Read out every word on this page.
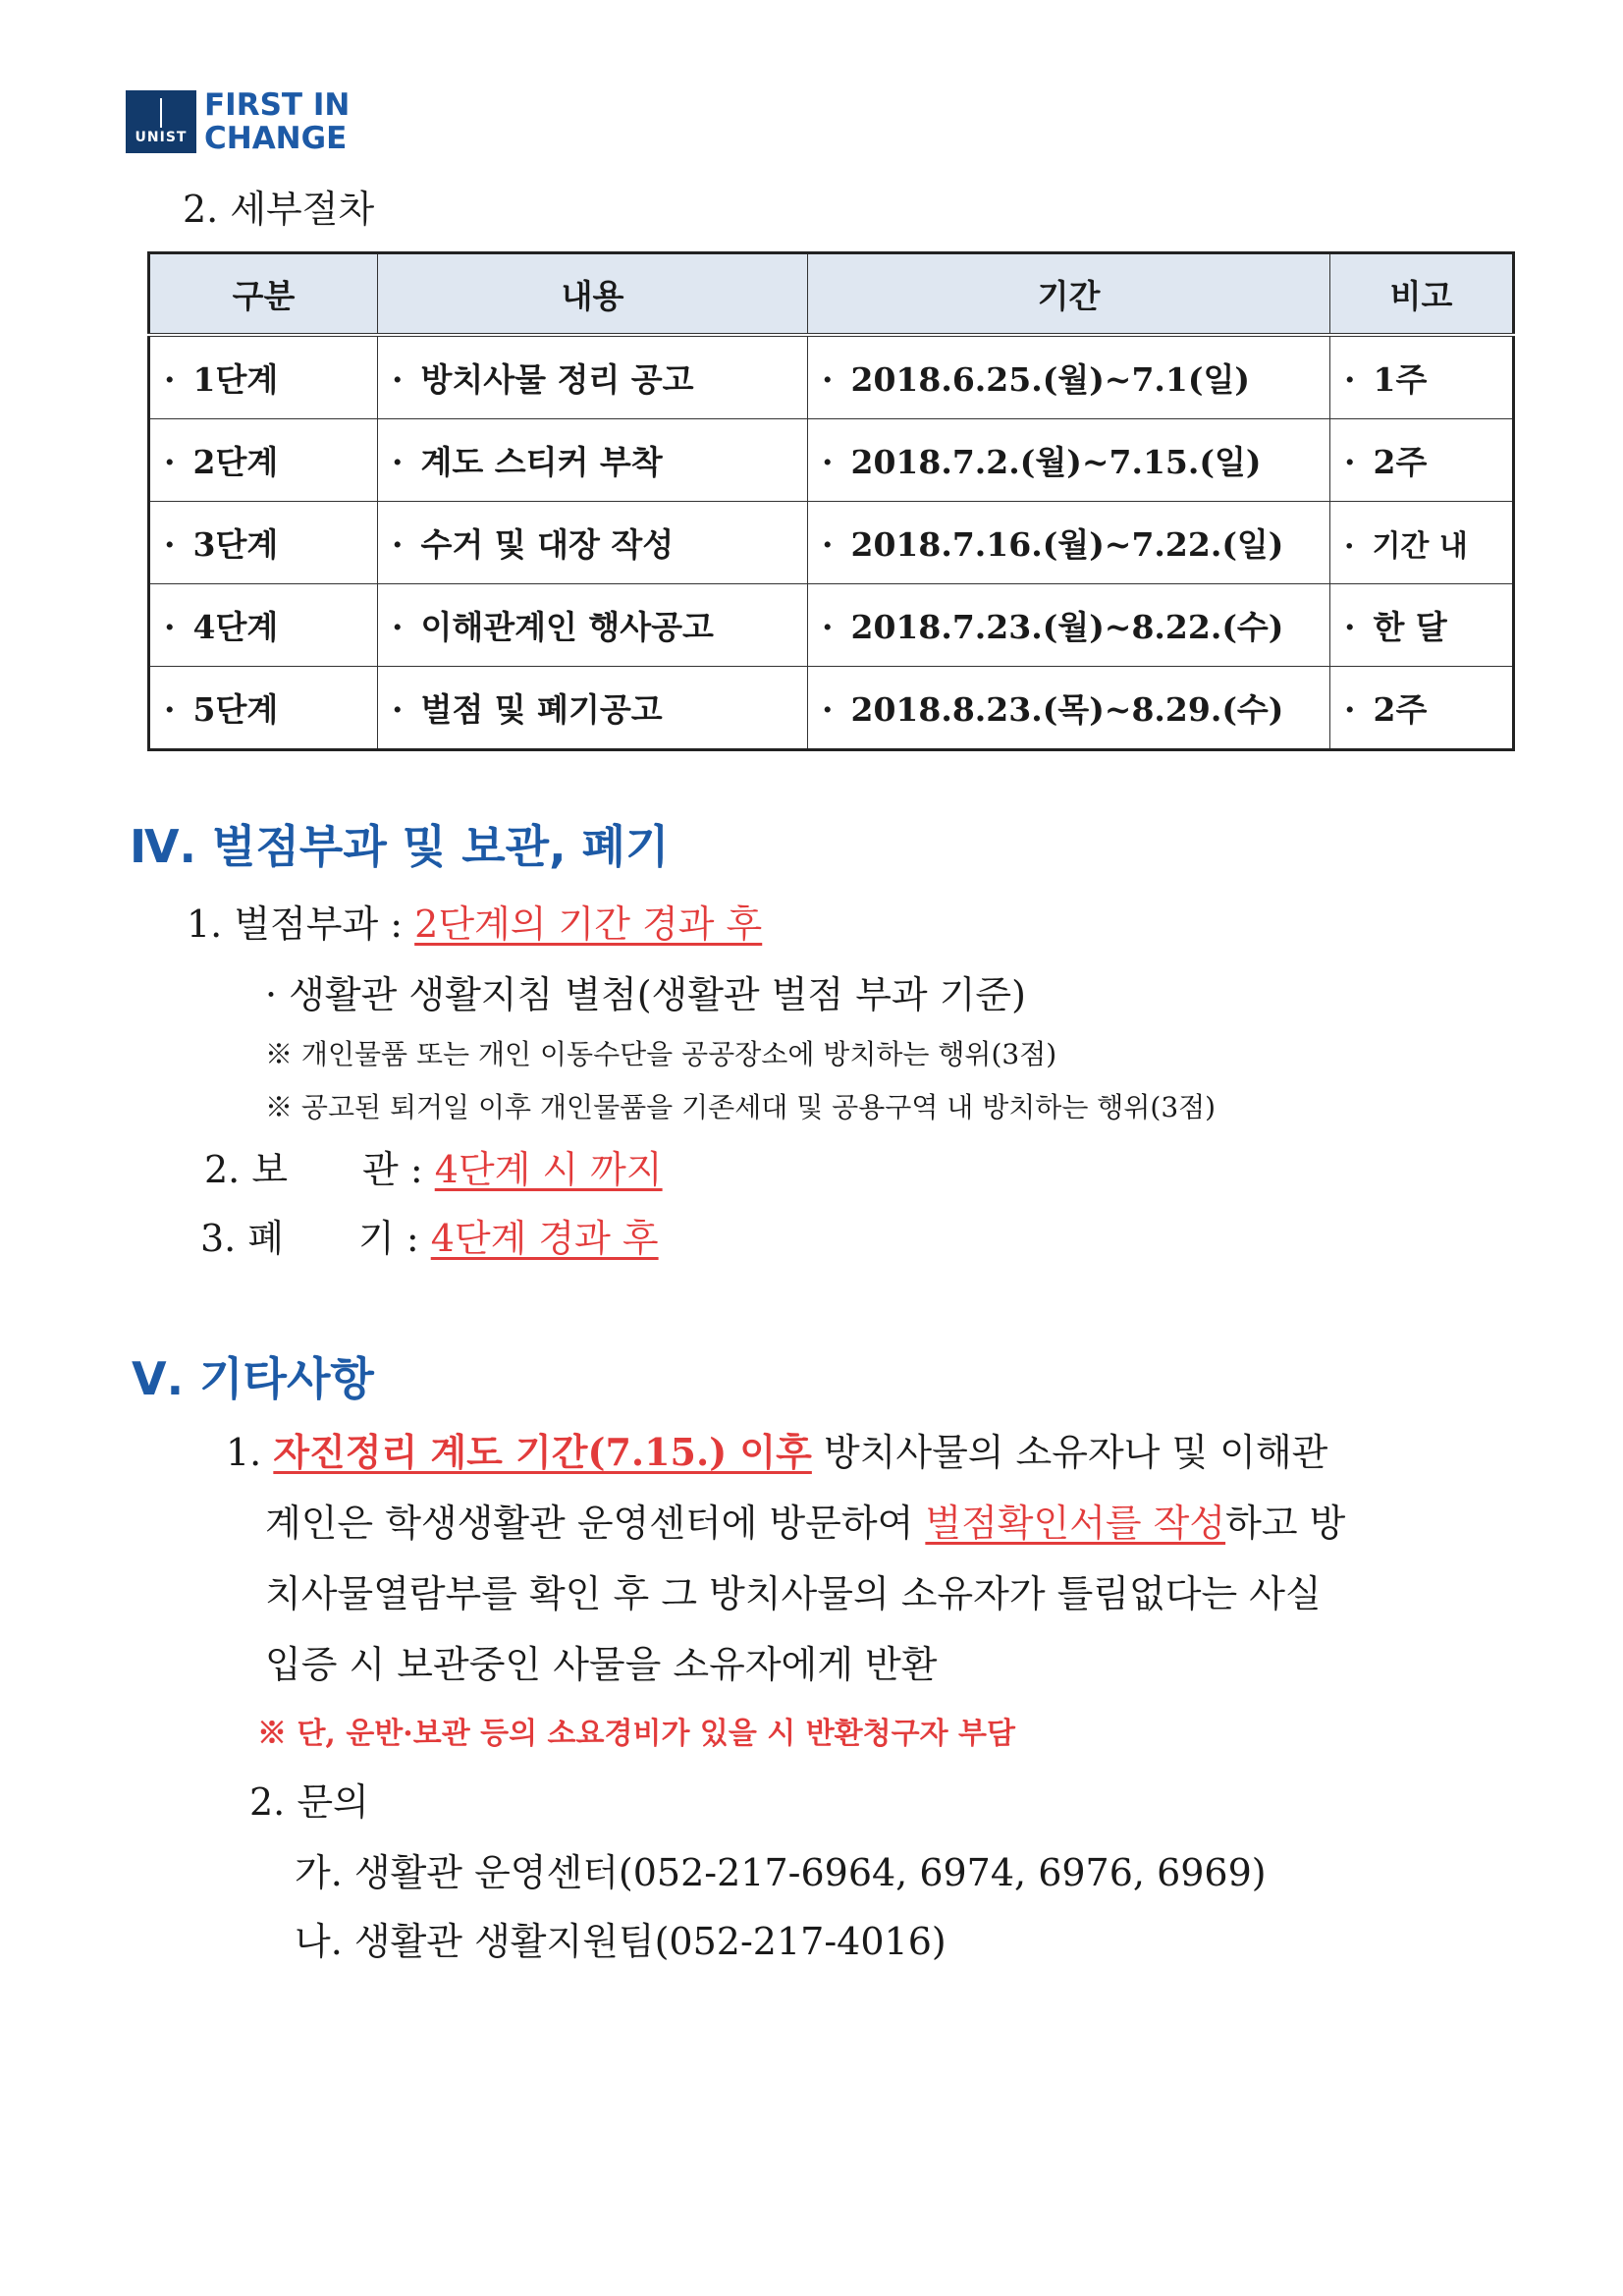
UNIST
FIRST IN
CHANGE
2. 세부절차
구분	내용	기간	비고
· 1단계	· 방치사물 정리 공고	· 2018.6.25.(월)~7.1(일)	· 1주
· 2단계	· 계도 스티커 부착	· 2018.7.2.(월)~7.15.(일)	· 2주
· 3단계	· 수거 및 대장 작성	· 2018.7.16.(월)~7.22.(일)	· 기간 내
· 4단계	· 이해관계인 행사공고	· 2018.7.23.(월)~8.22.(수)	· 한 달
· 5단계	· 벌점 및 폐기공고	· 2018.8.23.(목)~8.29.(수)	· 2주
Ⅳ. 벌점부과 및 보관, 폐기
1. 벌점부과 : 2단계의 기간 경과 후
· 생활관 생활지침 별첨(생활관 벌점 부과 기준)
※ 개인물품 또는 개인 이동수단을 공공장소에 방치하는 행위(3점)
※ 공고된 퇴거일 이후 개인물품을 기존세대 및 공용구역 내 방치하는 행위(3점)
2. 보　　관 : 4단계 시 까지
3. 폐　　기 : 4단계 경과 후
Ⅴ. 기타사항
1. 자진정리 계도 기간(7.15.) 이후 방치사물의 소유자나 및 이해관
계인은 학생생활관 운영센터에 방문하여 벌점확인서를 작성하고 방
치사물열람부를 확인 후 그 방치사물의 소유자가 틀림없다는 사실
입증 시 보관중인 사물을 소유자에게 반환
※ 단, 운반·보관 등의 소요경비가 있을 시 반환청구자 부담
2. 문의
가. 생활관 운영센터(052-217-6964, 6974, 6976, 6969)
나. 생활관 생활지원팀(052-217-4016)
